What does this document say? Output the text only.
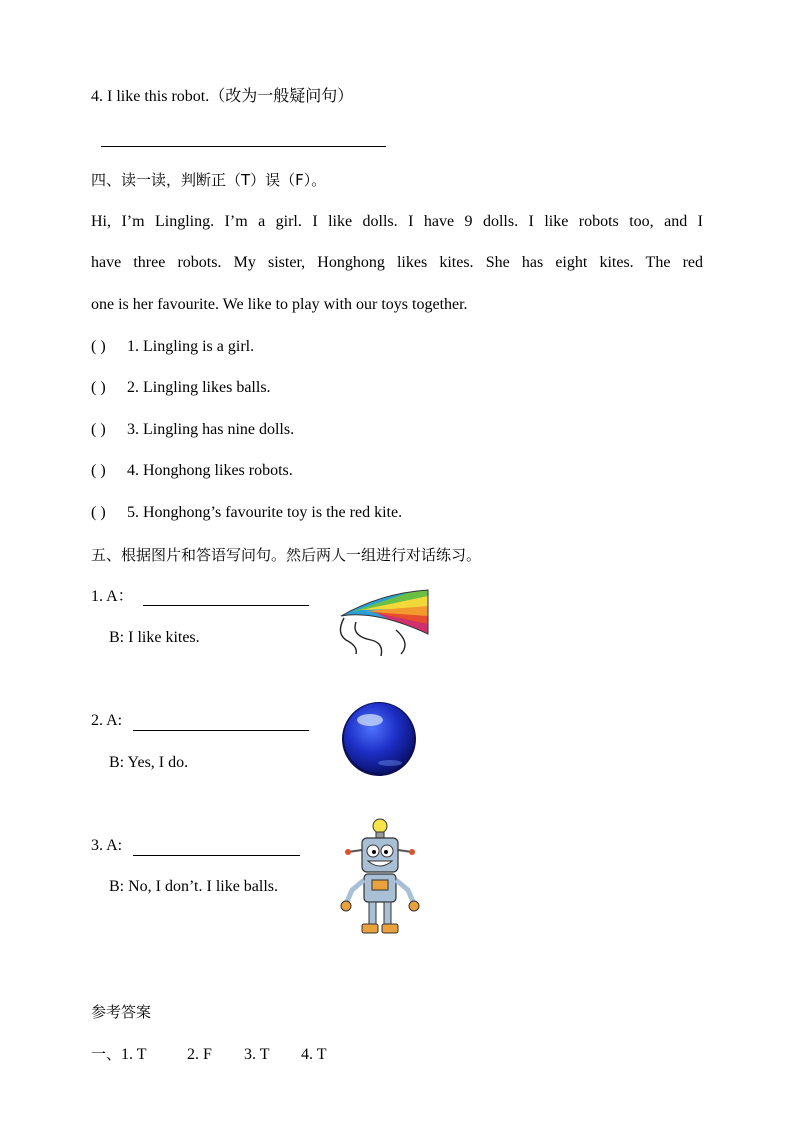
4. I like this robot.（改为一般疑问句）
四、读一读，判断正（T）误（F）。
Hi, I’m Lingling. I’m a girl. I like dolls. I have 9 dolls. I like robots too, and I
have three robots. My sister, Honghong likes kites. She has eight kites. The red
one is her favourite. We like to play with our toys together.
( ) 1. Lingling is a girl.
( ) 2. Lingling likes balls.
( ) 3. Lingling has nine dolls.
( ) 4. Honghong likes robots.
( ) 5. Honghong’s favourite toy is the red kite.
五、根据图片和答语写问句。然后两人一组进行对话练习。
1. A：
B: I like kites.
2. A:
B: Yes, I do.
3. A:
B: No, I don’t. I like balls.
参考答案
一、1. T	2. F 3. T 4. T
